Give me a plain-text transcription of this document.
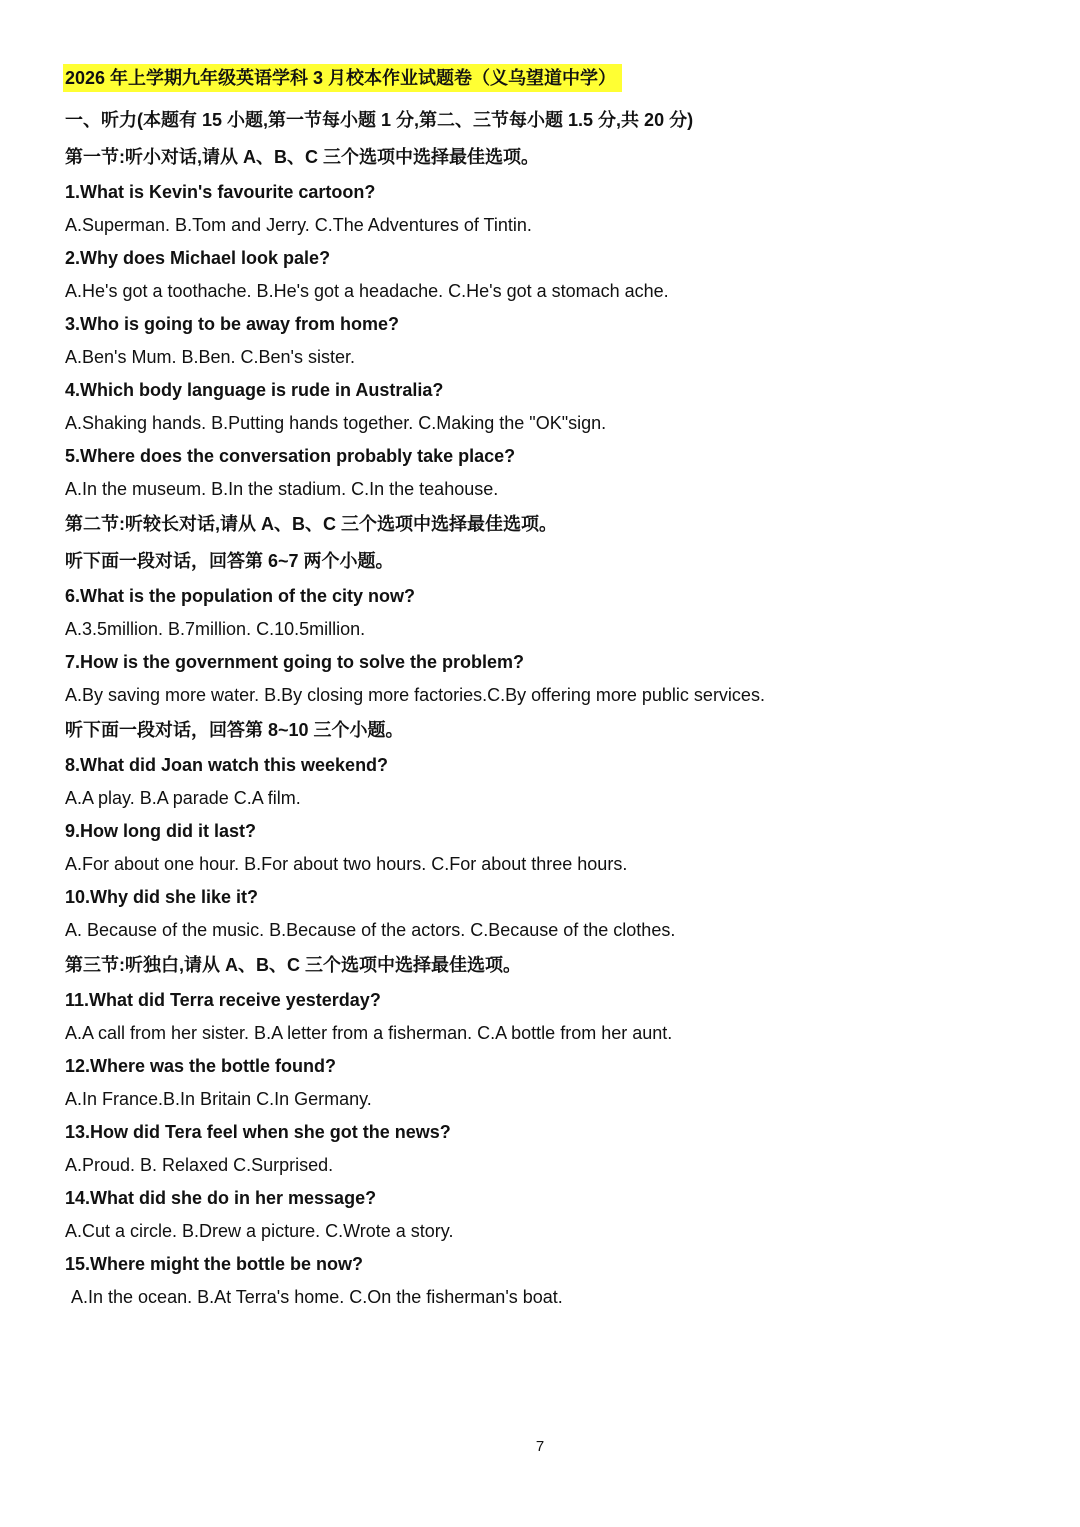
2026 年上学期九年级英语学科 3 月校本作业试题卷（义乌望道中学）
一、听力(本题有 15 小题,第一节每小题 1 分,第二、三节每小题 1.5 分,共 20 分)
第一节:听小对话,请从 A、B、C 三个选项中选择最佳选项。
1.What is Kevin's favourite cartoon?
A.Superman. B.Tom and Jerry. C.The Adventures of Tintin.
2.Why does Michael look pale?
A.He's got a toothache. B.He's got a headache. C.He's got a stomach ache.
3.Who is going to be away from home?
A.Ben's Mum. B.Ben. C.Ben's sister.
4.Which body language is rude in Australia?
A.Shaking hands. B.Putting hands together. C.Making the "OK"sign.
5.Where does the conversation probably take place?
A.In the museum. B.In the stadium. C.In the teahouse.
第二节:听较长对话,请从 A、B、C 三个选项中选择最佳选项。
听下面一段对话，回答第 6~7 两个小题。
6.What is the population of the city now?
A.3.5million. B.7million. C.10.5million.
7.How is the government going to solve the problem?
A.By saving more water. B.By closing more factories.C.By offering more public services.
听下面一段对话，回答第 8~10 三个小题。
8.What did Joan watch this weekend?
A.A play. B.A parade C.A film.
9.How long did it last?
A.For about one hour. B.For about two hours. C.For about three hours.
10.Why did she like it?
A. Because of the music. B.Because of the actors. C.Because of the clothes.
第三节:听独白,请从 A、B、C 三个选项中选择最佳选项。
11.What did Terra receive yesterday?
A.A call from her sister. B.A letter from a fisherman. C.A bottle from her aunt.
12.Where was the bottle found?
A.In France.B.In Britain C.In Germany.
13.How did Tera feel when she got the news?
A.Proud. B. Relaxed C.Surprised.
14.What did she do in her message?
A.Cut a circle. B.Drew a picture. C.Wrote a story.
15.Where might the bottle be now?
A.In the ocean. B.At Terra's home. C.On the fisherman's boat.
7
